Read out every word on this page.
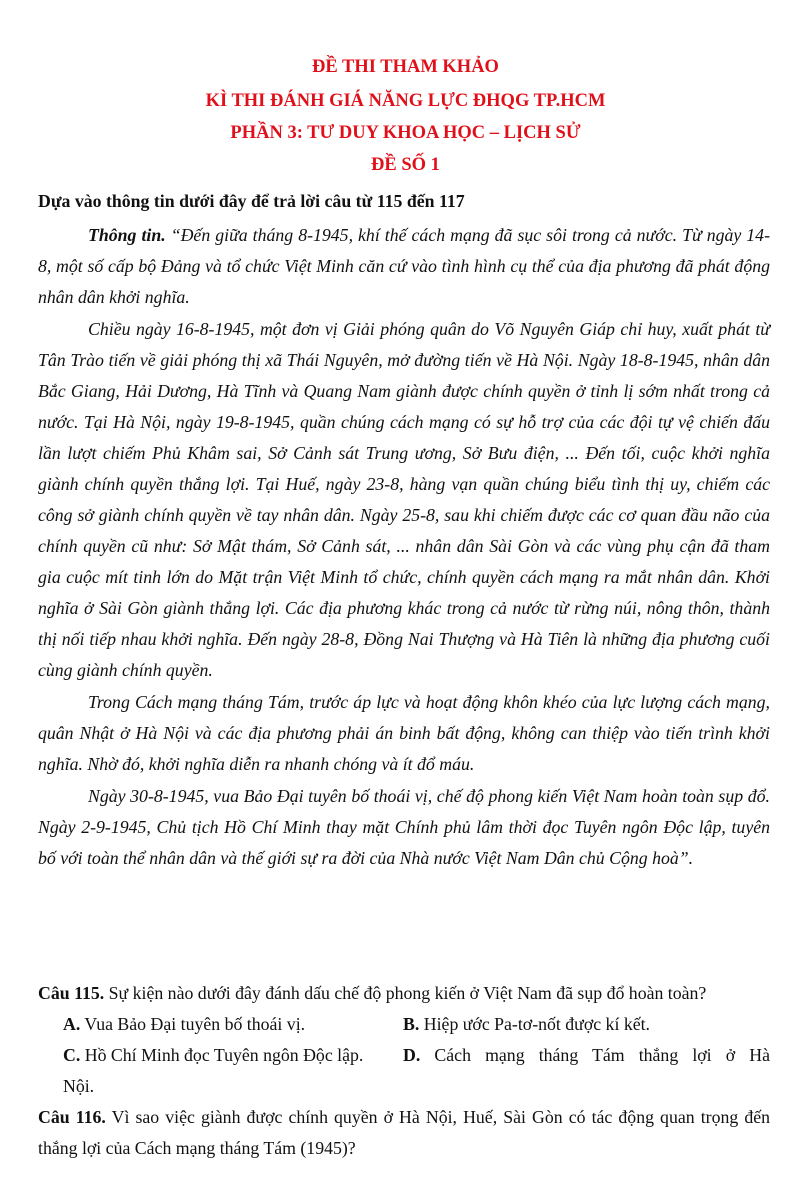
ĐỀ THI THAM KHẢO
KÌ THI ĐÁNH GIÁ NĂNG LỰC ĐHQG TP.HCM
PHẦN 3: TƯ DUY KHOA HỌC – LỊCH SỬ
ĐỀ SỐ 1
Dựa vào thông tin dưới đây để trả lời câu từ 115 đến 117

Thông tin. “Đến giữa tháng 8-1945, khí thế cách mạng đã sục sôi trong cả nước. Từ ngày 14-8, một số cấp bộ Đảng và tổ chức Việt Minh căn cứ vào tình hình cụ thể của địa phương đã phát động nhân dân khởi nghĩa.

Chiều ngày 16-8-1945, một đơn vị Giải phóng quân do Võ Nguyên Giáp chỉ huy, xuất phát từ Tân Trào tiến về giải phóng thị xã Thái Nguyên, mở đường tiến về Hà Nội. Ngày 18-8-1945, nhân dân Bắc Giang, Hải Dương, Hà Tĩnh và Quang Nam giành được chính quyền ở tỉnh lị sớm nhất trong cả nước. Tại Hà Nội, ngày 19-8-1945, quần chúng cách mạng có sự hỗ trợ của các đội tự vệ chiến đấu lần lượt chiếm Phủ Khâm sai, Sở Cảnh sát Trung ương, Sở Bưu điện, ... Đến tối, cuộc khởi nghĩa giành chính quyền thắng lợi. Tại Huế, ngày 23-8, hàng vạn quần chúng biểu tình thị uy, chiếm các công sở giành chính quyền về tay nhân dân. Ngày 25-8, sau khi chiếm được các cơ quan đầu não của chính quyền cũ như: Sở Mật thám, Sở Cảnh sát, ... nhân dân Sài Gòn và các vùng phụ cận đã tham gia cuộc mít tinh lớn do Mặt trận Việt Minh tổ chức, chính quyền cách mạng ra mắt nhân dân. Khởi nghĩa ở Sài Gòn giành thắng lợi. Các địa phương khác trong cả nước từ rừng núi, nông thôn, thành thị nối tiếp nhau khởi nghĩa. Đến ngày 28-8, Đồng Nai Thượng và Hà Tiên là những địa phương cuối cùng giành chính quyền.

Trong Cách mạng tháng Tám, trước áp lực và hoạt động khôn khéo của lực lượng cách mạng, quân Nhật ở Hà Nội và các địa phương phải án binh bất động, không can thiệp vào tiến trình khởi nghĩa. Nhờ đó, khởi nghĩa diễn ra nhanh chóng và ít đổ máu.

Ngày 30-8-1945, vua Bảo Đại tuyên bố thoái vị, chế độ phong kiến Việt Nam hoàn toàn sụp đổ. Ngày 2-9-1945, Chủ tịch Hồ Chí Minh thay mặt Chính phủ lâm thời đọc Tuyên ngôn Độc lập, tuyên bố với toàn thể nhân dân và thế giới sự ra đời của Nhà nước Việt Nam Dân chủ Cộng hoà”.

Câu 115. Sự kiện nào dưới đây đánh dấu chế độ phong kiến ở Việt Nam đã sụp đổ hoàn toàn?

A. Vua Bảo Đại tuyên bố thoái vị.	B. Hiệp ước Pa-tơ-nốt được kí kết.
C. Hồ Chí Minh đọc Tuyên ngôn Độc lập.	D. Cách mạng tháng Tám thắng lợi ở Hà
Nội.

Câu 116. Vì sao việc giành được chính quyền ở Hà Nội, Huế, Sài Gòn có tác động quan trọng đến thắng lợi của Cách mạng tháng Tám (1945)?
